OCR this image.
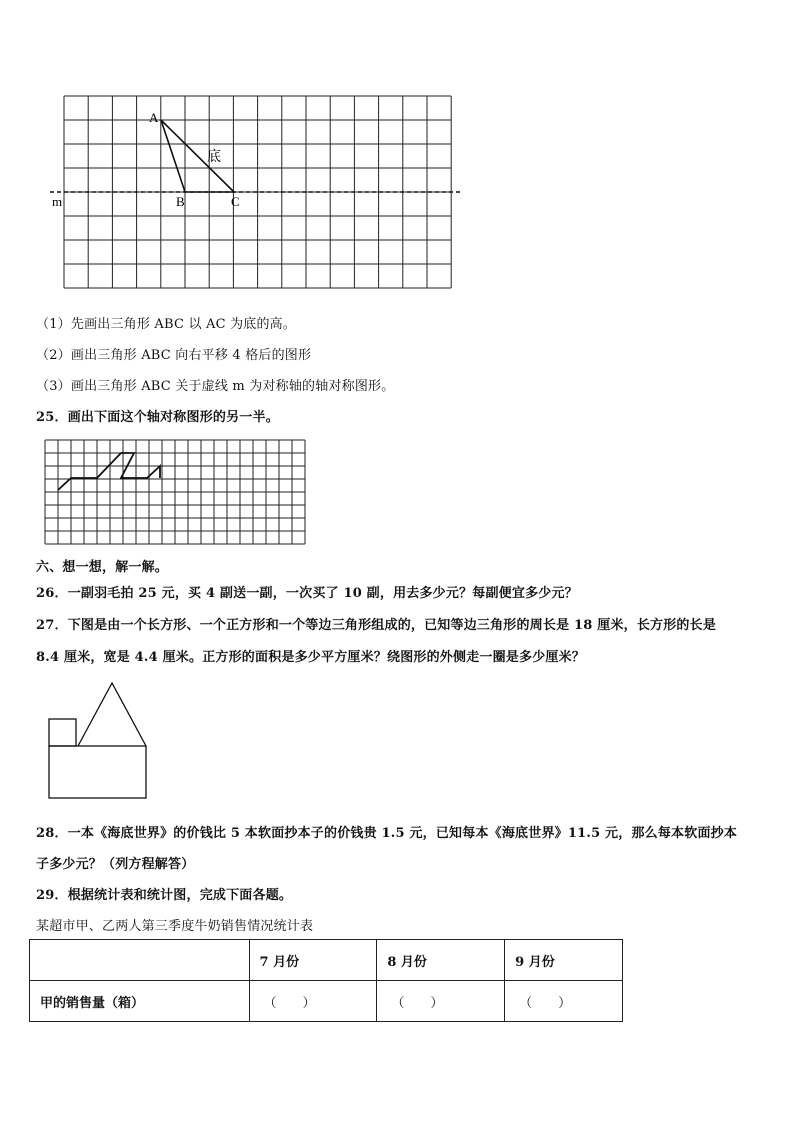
A
B	C
m
底
（1）先画出三角形 ABC 以 AC 为底的高。
（2）画出三角形 ABC 向右平移 4 格后的图形
（3）画出三角形 ABC 关于虚线 m 为对称轴的轴对称图形。
25．画出下面这个轴对称图形的另一半。
六、想一想，解一解。
26．一副羽毛拍 25 元，买 4 副送一副，一次买了 10 副，用去多少元？每副便宜多少元？
27．下图是由一个长方形、一个正方形和一个等边三角形组成的，已知等边三角形的周长是 18 厘米，长方形的长是
8.4 厘米，宽是 4.4 厘米。正方形的面积是多少平方厘米？绕图形的外侧走一圈是多少厘米？
28．一本《海底世界》的价钱比 5 本软面抄本子的价钱贵 1.5 元，已知每本《海底世界》11.5 元，那么每本软面抄本
子多少元？（列方程解答）
29．根据统计表和统计图，完成下面各题。
某超市甲、乙两人第三季度牛奶销售情况统计表
	7 月份	8 月份	9 月份
甲的销售量（箱）	（　　）	（　　）	（　　）
